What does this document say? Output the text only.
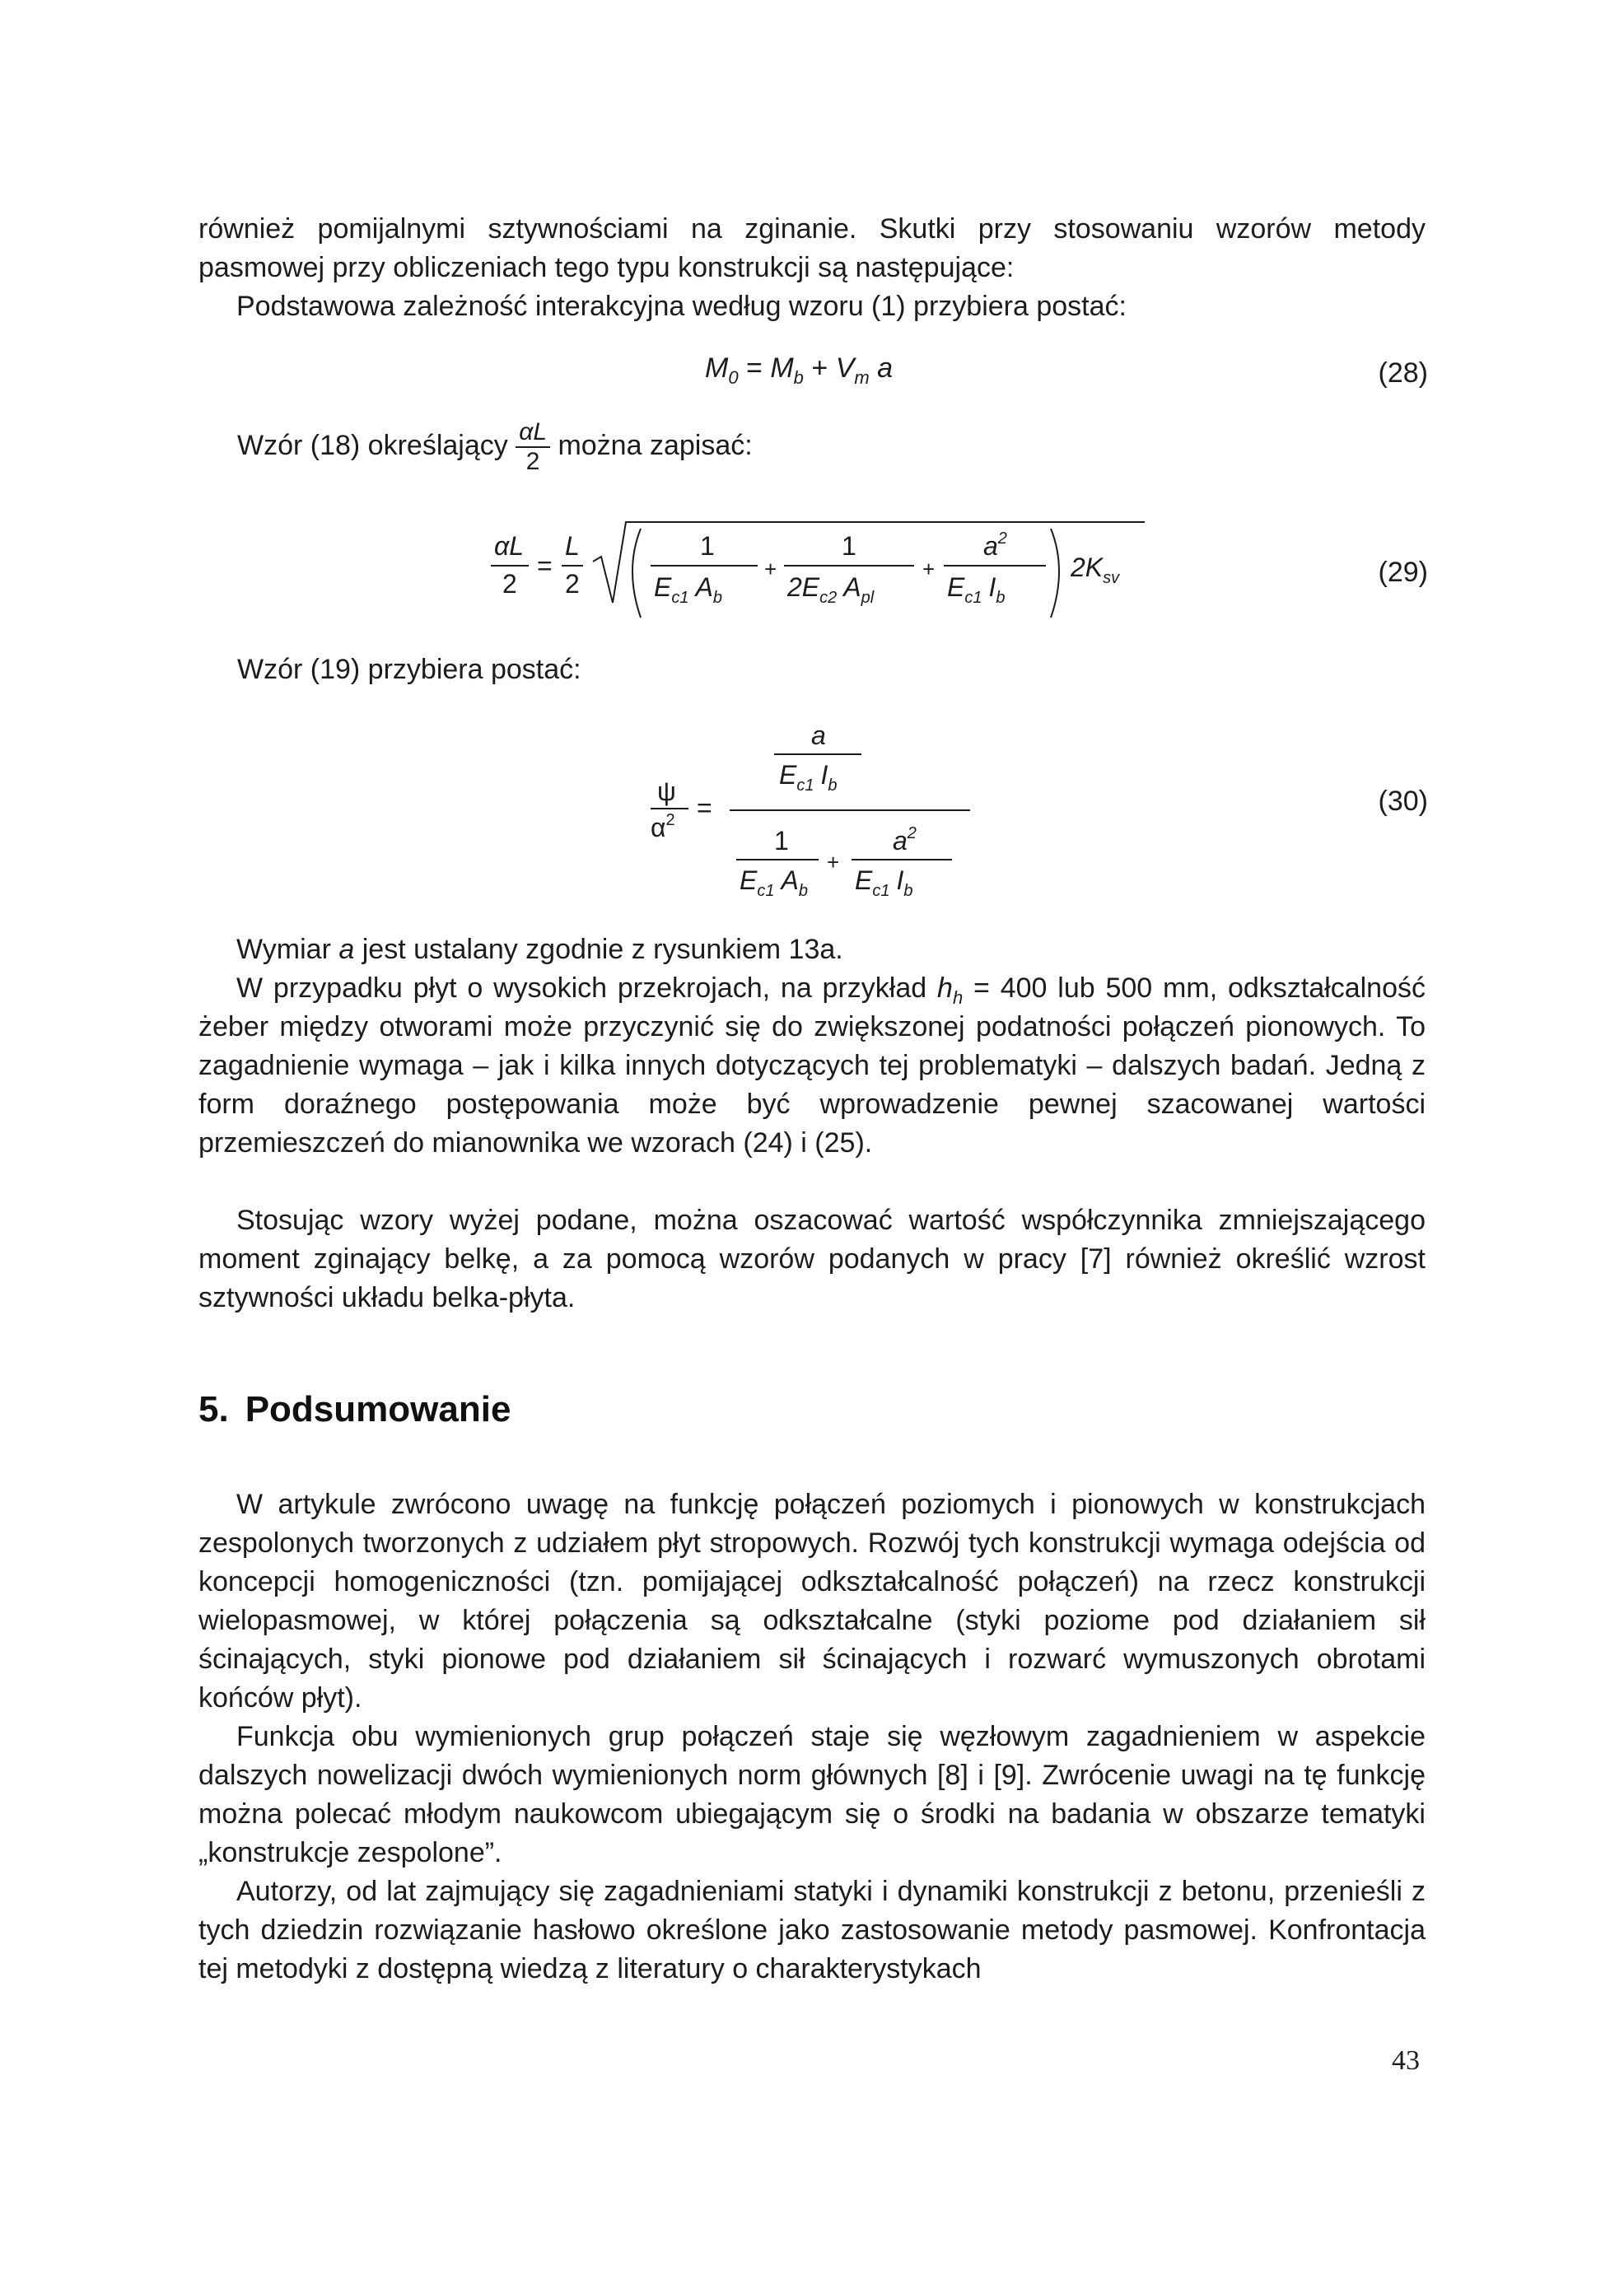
również pomijalnymi sztywnościami na zginanie. Skutki przy stosowaniu wzorów metody pasmowej przy obliczeniach tego typu konstrukcji są następujące:

Podstawowa zależność interakcyjna według wzoru (1) przybiera postać:

$M_0 = M_b + V_m$ a	(28)
Wzór (18) określający $\frac{\alpha L}{2}$ można zapisać:
αL
2
=
L
2
1
$E_{c1}$ $A_b$
+
1
$2E_{c2}$ $A_{pl}$
+
$a^2$
$E_{c1}$ $I_b$
$2K_{sv}$	(29)
Wzór (19) przybiera postać:
ψ
$\alpha^2$ =
a
$E_{c1}$ $I_b$
1
$E_{c1}$ $A_b$
+
$a^2$
$E_{c1}$ $I_b$
(30)

Wymiar a jest ustalany zgodnie z rysunkiem 13a.

W przypadku płyt o wysokich przekrojach, na przykład $h_h = 400$ lub 500 mm, odkształcalność żeber między otworami może przyczynić się do zwiększonej podatności połączeń pionowych. To zagadnienie wymaga – jak i kilka innych dotyczących tej problematyki – dalszych badań. Jedną z form doraźnego postępowania może być wprowadzenie pewnej szacowanej wartości przemieszczeń do mianownika we wzorach (24) i (25).

Stosując wzory wyżej podane, można oszacować wartość współczynnika zmniejszającego moment zginający belkę, a za pomocą wzorów podanych w pracy [7] również określić wzrost sztywności układu belka-płyta.

5. Podsumowanie

W artykule zwrócono uwagę na funkcję połączeń poziomych i pionowych w konstrukcjach zespolonych tworzonych z udziałem płyt stropowych. Rozwój tych konstrukcji wymaga odejścia od koncepcji homogeniczności (tzn. pomijającej odkształcalność połączeń) na rzecz konstrukcji wielopasmowej, w której połączenia są odkształcalne (styki poziome pod działaniem sił ścinających, styki pionowe pod działaniem sił ścinających i rozwarć wymuszonych obrotami końców płyt).

Funkcja obu wymienionych grup połączeń staje się węzłowym zagadnieniem w aspekcie dalszych nowelizacji dwóch wymienionych norm głównych [8] i [9]. Zwrócenie uwagi na tę funkcję można polecać młodym naukowcom ubiegającym się o środki na badania w obszarze tematyki „konstrukcje zespolone”.

Autorzy, od lat zajmujący się zagadnieniami statyki i dynamiki konstrukcji z betonu, przenieśli z tych dziedzin rozwiązanie hasłowo określone jako zastosowanie metody pasmowej. Konfrontacja tej metodyki z dostępną wiedzą z literatury o charakterystykach

43
